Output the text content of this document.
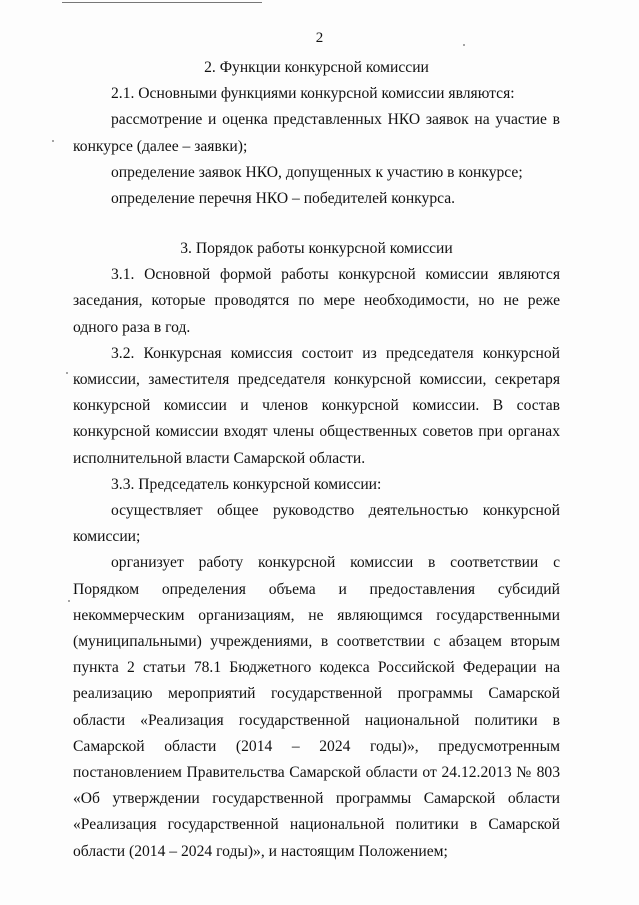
2

2. Функции конкурсной комиссии

2.1. Основными функциями конкурсной комиссии являются:

рассмотрение и оценка представленных НКО заявок на участие в конкурсе (далее – заявки);

определение заявок НКО, допущенных к участию в конкурсе;

определение перечня НКО – победителей конкурса.

3. Порядок работы конкурсной комиссии

3.1. Основной формой работы конкурсной комиссии являются заседания, которые проводятся по мере необходимости, но не реже одного раза в год.

3.2. Конкурсная комиссия состоит из председателя конкурсной комиссии, заместителя председателя конкурсной комиссии, секретаря конкурсной комиссии и членов конкурсной комиссии. В состав конкурсной комиссии входят члены общественных советов при органах исполнительной власти Самарской области.

3.3. Председатель конкурсной комиссии:

осуществляет общее руководство деятельностью конкурсной комиссии;

организует работу конкурсной комиссии в соответствии с Порядком определения объема и предоставления субсидий некоммерческим организациям, не являющимся государственными (муниципальными) учреждениями, в соответствии с абзацем вторым пункта 2 статьи 78.1 Бюджетного кодекса Российской Федерации на реализацию мероприятий государственной программы Самарской области «Реализация государственной национальной политики в Самарской области (2014 – 2024 годы)», предусмотренным постановлением Правительства Самарской области от 24.12.2013 № 803 «Об утверждении государственной программы Самарской области «Реализация государственной национальной политики в Самарской области (2014 – 2024 годы)», и настоящим Положением;
